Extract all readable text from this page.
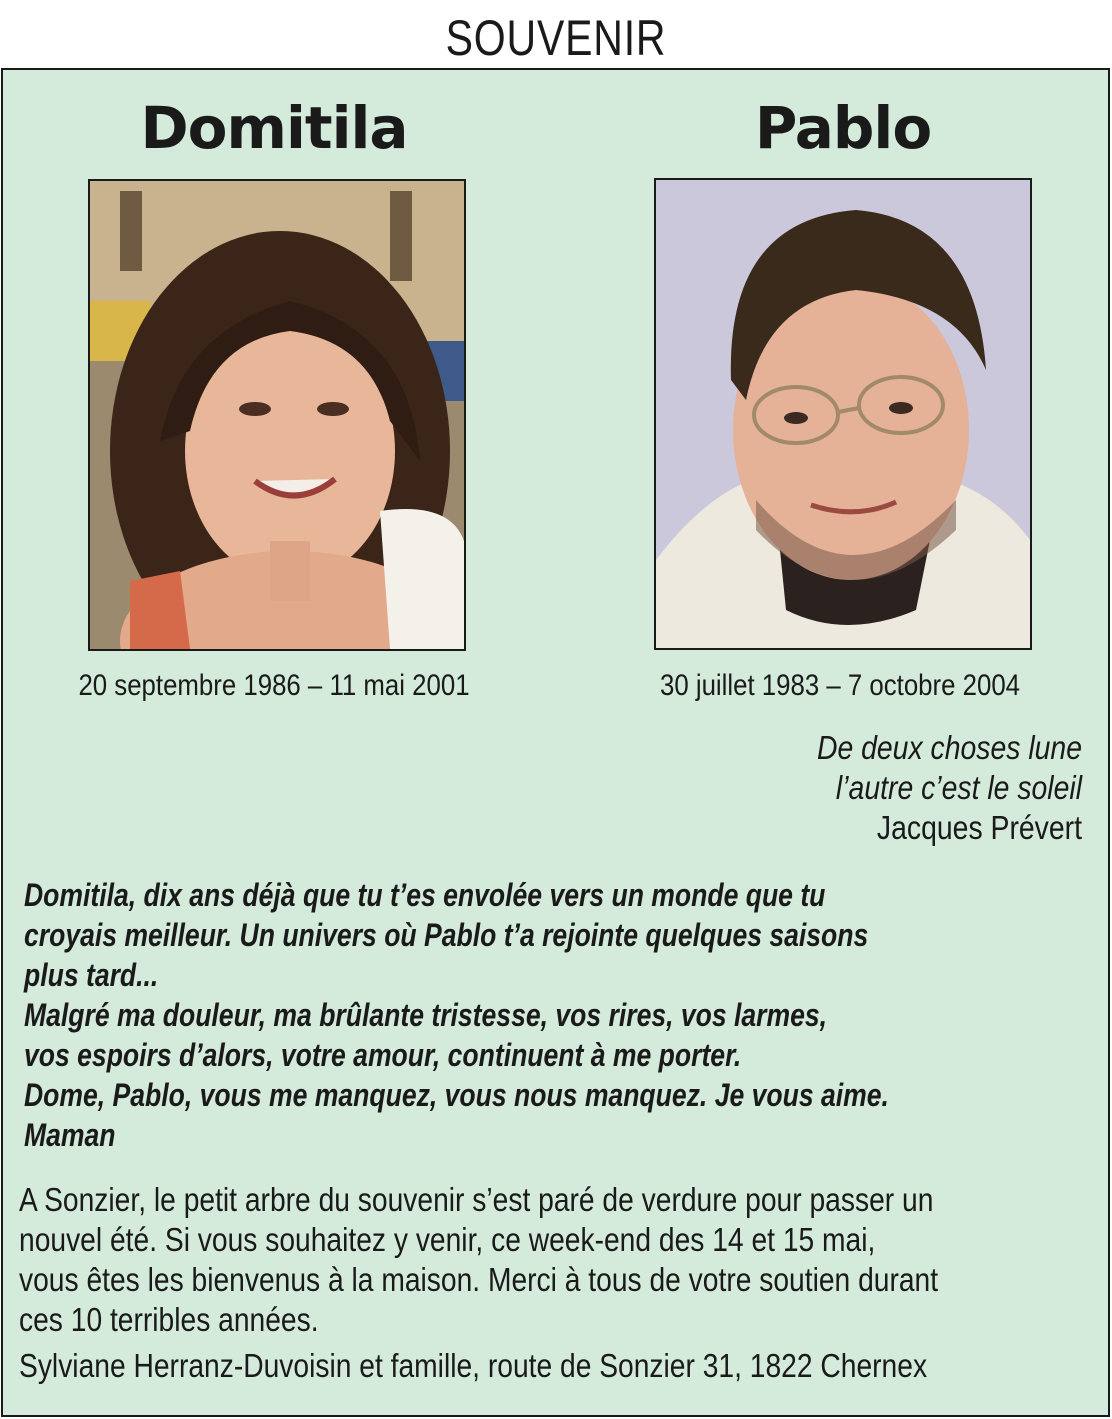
SOUVENIR
Domitila	Pablo
20 septembre 1986 – 11 mai 2001	30 juillet 1983 – 7 octobre 2004
De deux choses lune
l’autre c’est le soleil
Jacques Prévert
Domitila, dix ans déjà que tu t’es envolée vers un monde que tu
croyais meilleur. Un univers où Pablo t’a rejointe quelques saisons
plus tard...
Malgré ma douleur, ma brûlante tristesse, vos rires, vos larmes,
vos espoirs d’alors, votre amour, continuent à me porter.
Dome, Pablo, vous me manquez, vous nous manquez. Je vous aime.
Maman
A Sonzier, le petit arbre du souvenir s’est paré de verdure pour passer un
nouvel été. Si vous souhaitez y venir, ce week-end des 14 et 15 mai,
vous êtes les bienvenus à la maison. Merci à tous de votre soutien durant
ces 10 terribles années.
Sylviane Herranz-Duvoisin et famille, route de Sonzier 31, 1822 Chernex
